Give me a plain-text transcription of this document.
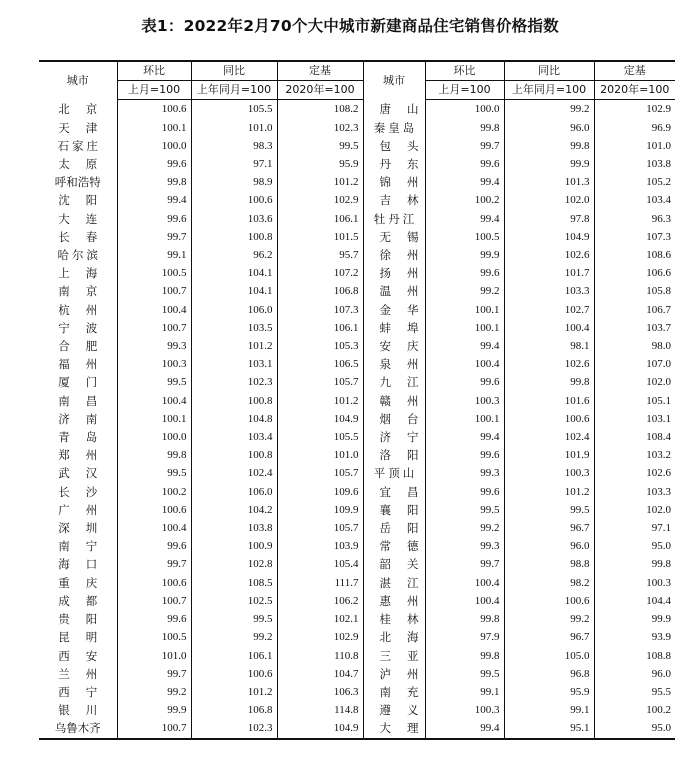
表1：2022年2月70个大中城市新建商品住宅销售价格指数
城市	环比	同比	定基	城市	环比	同比	定基
	上月=100	上年同月=100	2020年=100		上月=100	上年同月=100	2020年=100
北京	100.6	105.5	108.2	唐山	100.0	99.2	102.9
天津	100.1	101.0	102.3	秦皇岛	99.8	96.0	96.9
石家庄	100.0	98.3	99.5	包头	99.7	99.8	101.0
太原	99.6	97.1	95.9	丹东	99.6	99.9	103.8
呼和浩特	99.8	98.9	101.2	锦州	99.4	101.3	105.2
沈阳	99.4	100.6	102.9	吉林	100.2	102.0	103.4
大连	99.6	103.6	106.1	牡丹江	99.4	97.8	96.3
长春	99.7	100.8	101.5	无锡	100.5	104.9	107.3
哈尔滨	99.1	96.2	95.7	徐州	99.9	102.6	108.6
上海	100.5	104.1	107.2	扬州	99.6	101.7	106.6
南京	100.7	104.1	106.8	温州	99.2	103.3	105.8
杭州	100.4	106.0	107.3	金华	100.1	102.7	106.7
宁波	100.7	103.5	106.1	蚌埠	100.1	100.4	103.7
合肥	99.3	101.2	105.3	安庆	99.4	98.1	98.0
福州	100.3	103.1	106.5	泉州	100.4	102.6	107.0
厦门	99.5	102.3	105.7	九江	99.6	99.8	102.0
南昌	100.4	100.8	101.2	赣州	100.3	101.6	105.1
济南	100.1	104.8	104.9	烟台	100.1	100.6	103.1
青岛	100.0	103.4	105.5	济宁	99.4	102.4	108.4
郑州	99.8	100.8	101.0	洛阳	99.6	101.9	103.2
武汉	99.5	102.4	105.7	平顶山	99.3	100.3	102.6
长沙	100.2	106.0	109.6	宜昌	99.6	101.2	103.3
广州	100.6	104.2	109.9	襄阳	99.5	99.5	102.0
深圳	100.4	103.8	105.7	岳阳	99.2	96.7	97.1
南宁	99.6	100.9	103.9	常德	99.3	96.0	95.0
海口	99.7	102.8	105.4	韶关	99.7	98.8	99.8
重庆	100.6	108.5	111.7	湛江	100.4	98.2	100.3
成都	100.7	102.5	106.2	惠州	100.4	100.6	104.4
贵阳	99.6	99.5	102.1	桂林	99.8	99.2	99.9
昆明	100.5	99.2	102.9	北海	97.9	96.7	93.9
西安	101.0	106.1	110.8	三亚	99.8	105.0	108.8
兰州	99.7	100.6	104.7	泸州	99.5	96.8	96.0
西宁	99.2	101.2	106.3	南充	99.1	95.9	95.5
银川	99.9	106.8	114.8	遵义	100.3	99.1	100.2
乌鲁木齐	100.7	102.3	104.9	大理	99.4	95.1	95.0
